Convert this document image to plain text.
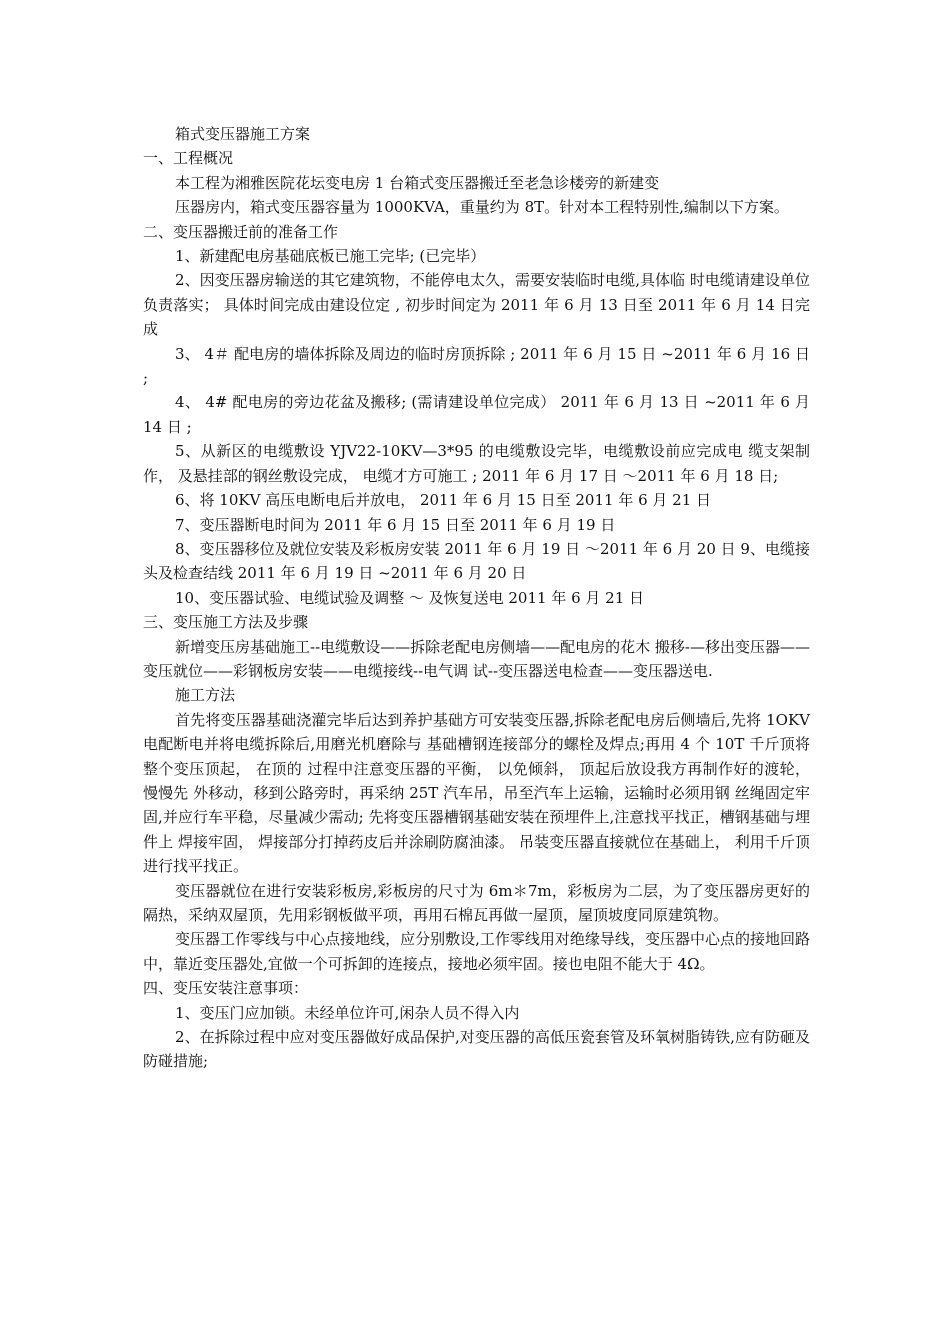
箱式变压器施工方案

一、工程概况

本工程为湘雅医院花坛变电房 1 台箱式变压器搬迁至老急诊楼旁的新建变

压器房内，箱式变压器容量为 1000KVA，重量约为 8T。针对本工程特别性,编制以下方案。

二、变压器搬迁前的准备工作

1、新建配电房基础底板已施工完毕; (已完毕）

2、因变压器房输送的其它建筑物，不能停电太久，需要安装临时电缆,具体临 时电缆请建设单位负责落实； 具体时间完成由建设位定 , 初步时间定为 2011 年 6 月 13 日至 2011 年 6 月 14 日完成

3、 4＃ 配电房的墙体拆除及周边的临时房顶拆除 ; 2011 年 6 月 15 日 ~2011 年 6 月 16 日 ;

4、 4# 配电房的旁边花盆及搬移; (需请建设单位完成） 2011 年 6 月 13 日 ~2011 年 6 月 14 日 ;

5、从新区的电缆敷设 YJV22-10KV—3*95 的电缆敷设完毕，电缆敷设前应完成电 缆支架制作， 及悬挂部的钢丝敷设完成， 电缆才方可施工 ; 2011 年 6 月 17 日 ～2011 年 6 月 18 日;

6、将 10KV 高压电断电后并放电， 2011 年 6 月 15 日至 2011 年 6 月 21 日

7、变压器断电时间为 2011 年 6 月 15 日至 2011 年 6 月 19 日

8、变压器移位及就位安装及彩板房安装 2011 年 6 月 19 日 ～2011 年 6 月 20 日 9、电缆接头及检查结线 2011 年 6 月 19 日 ~2011 年 6 月 20 日

10、变压器试验、电缆试验及调整 ～ 及恢复送电 2011 年 6 月 21 日

三、变压施工方法及步骤

新增变压房基础施工--电缆敷设——拆除老配电房侧墙——配电房的花木 搬移-—移出变压器——变压就位——彩钢板房安装——电缆接线--电气调 试--变压器送电检查——变压器送电.

施工方法

首先将变压器基础浇灌完毕后达到养护基础方可安装变压器,拆除老配电房后侧墙后,先将 1OKV 电配断电并将电缆拆除后,用磨光机磨除与 基础槽钢连接部分的螺栓及焊点;再用 4 个 10T 千斤顶将整个变压顶起， 在顶的 过程中注意变压器的平衡， 以免倾斜， 顶起后放设我方再制作好的渡轮， 慢慢先 外移动，移到公路旁时，再采纳 25T 汽车吊，吊至汽车上运输，运输时必须用钢 丝绳固定牢固,并应行车平稳，尽量减少需动; 先将变压器槽钢基础安装在预埋件上,注意找平找正，槽钢基础与埋件上 焊接牢固， 焊接部分打掉药皮后并涂刷防腐油漆。 吊装变压器直接就位在基础上， 利用千斤顶进行找平找正。

变压器就位在进行安装彩板房,彩板房的尺寸为 6m＊7m，彩板房为二层，为了变压器房更好的隔热，采纳双屋顶，先用彩钢板做平项，再用石棉瓦再做一屋顶，屋顶坡度同原建筑物。

变压器工作零线与中心点接地线，应分别敷设,工作零线用对绝缘导线，变压器中心点的接地回路中，靠近变压器处,宜做一个可拆卸的连接点，接地必须牢固。接也电阻不能大于 4Ω。

四、变压安装注意事项：

1、变压门应加锁。未经单位许可,闲杂人员不得入内

2、在拆除过程中应对变压器做好成品保护,对变压器的高低压瓷套管及环氧树脂铸铁,应有防砸及防碰措施;
